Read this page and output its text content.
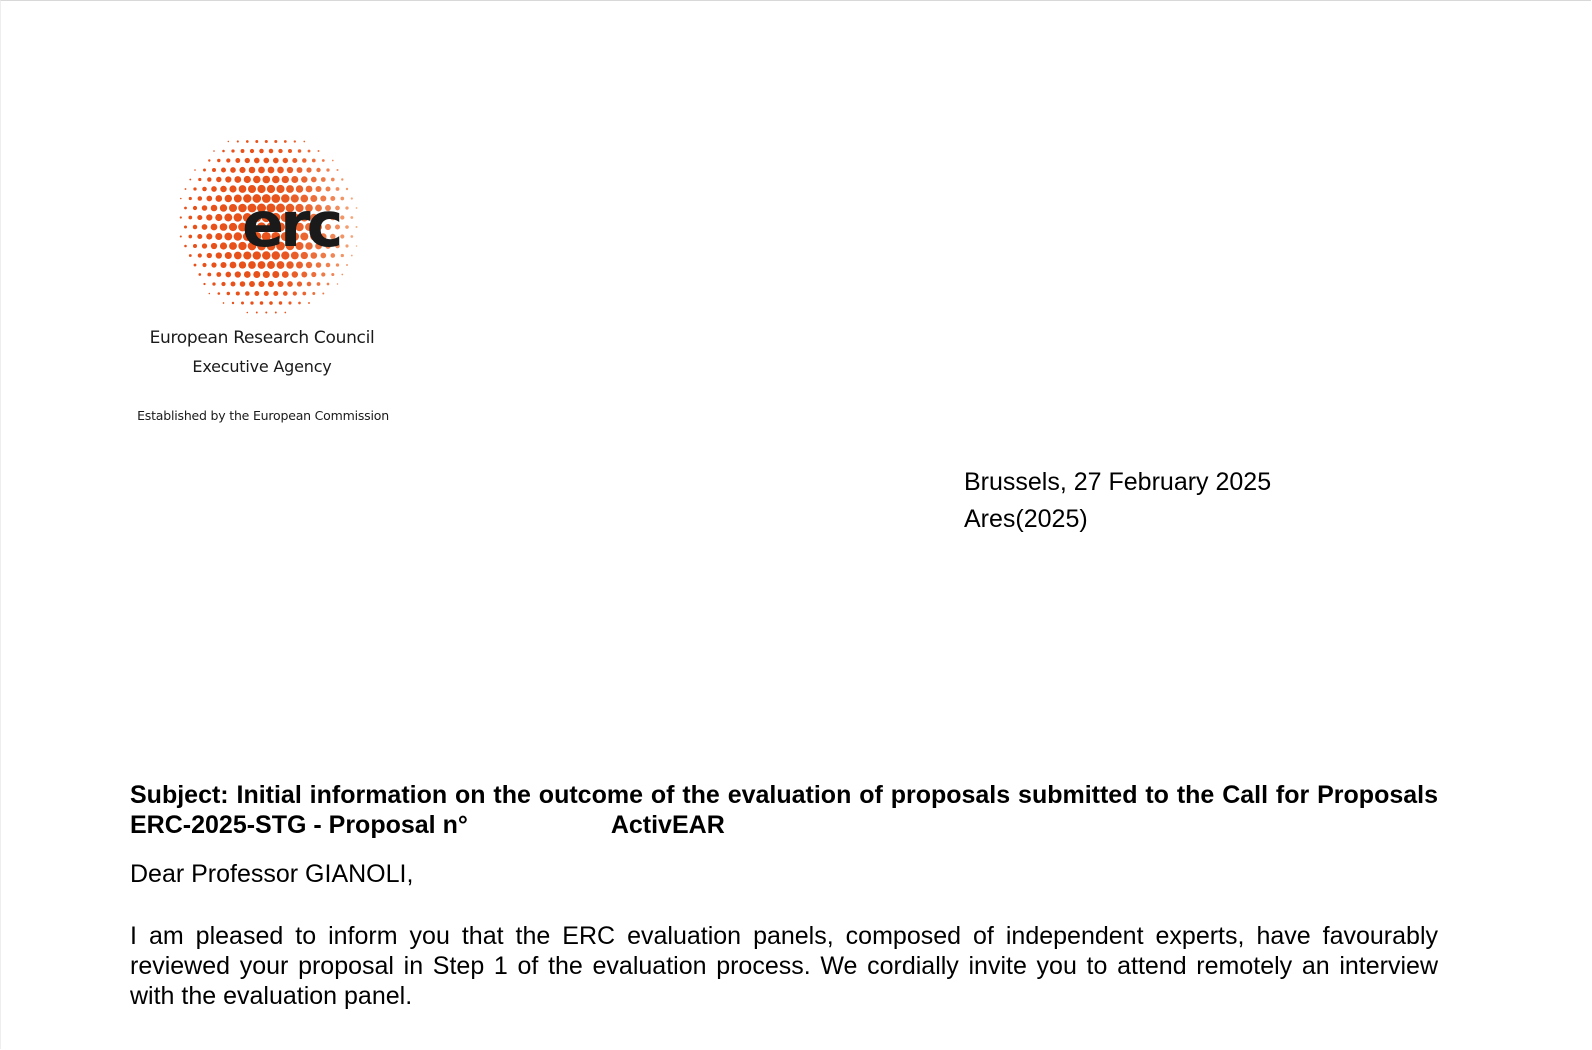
erc
European Research Council
Executive Agency
Established by the European Commission
Brussels, 27 February 2025
Ares(2025)
Subject: Initial information on the outcome of the evaluation of proposals submitted to the Call for Proposals ERC-2025-STG - Proposal n°	ActivEAR
Dear Professor GIANOLI,
I am pleased to inform you that the ERC evaluation panels, composed of independent experts, have favourably reviewed your proposal in Step 1 of the evaluation process. We cordially invite you to attend remotely an interview with the evaluation panel.
